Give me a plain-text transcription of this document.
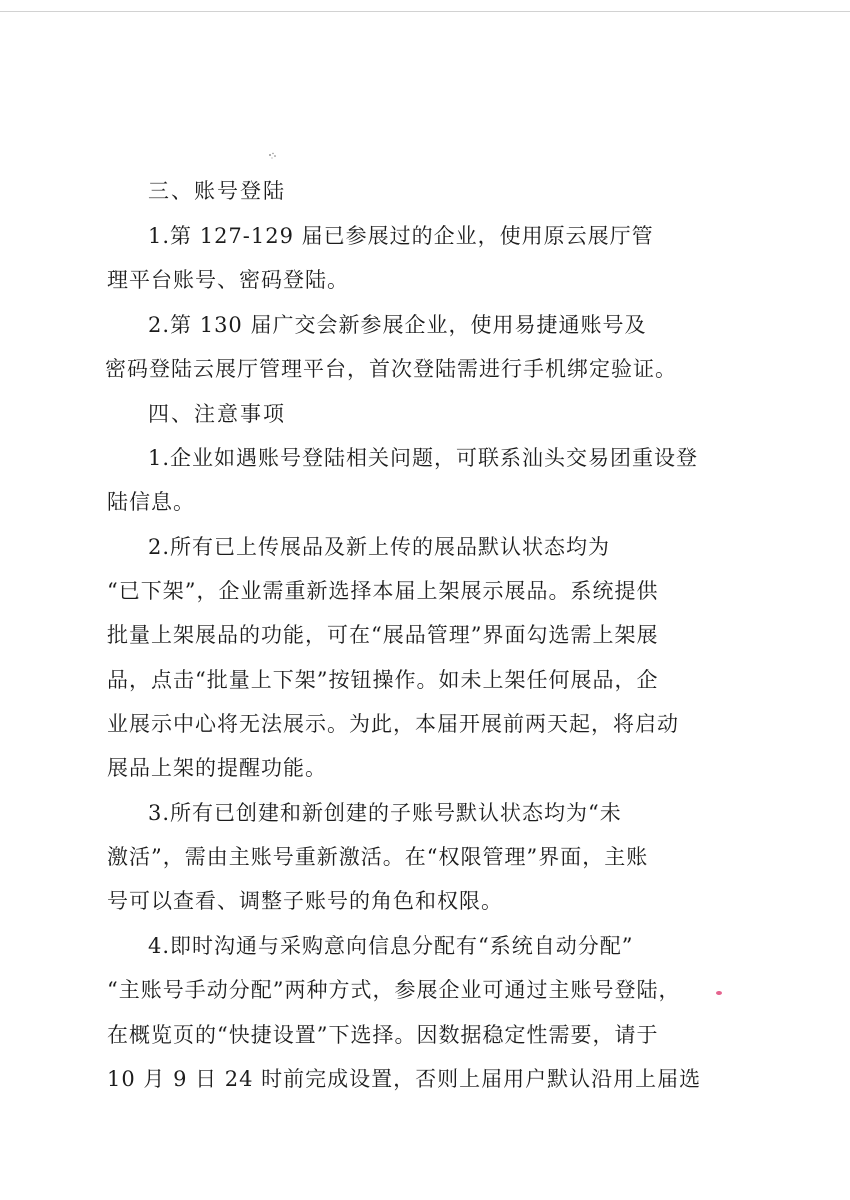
三、账号登陆

1.第 127-129 届已参展过的企业，使用原云展厅管

理平台账号、密码登陆。

2.第 130 届广交会新参展企业，使用易捷通账号及

密码登陆云展厅管理平台，首次登陆需进行手机绑定验证。

四、注意事项

1.企业如遇账号登陆相关问题，可联系汕头交易团重设登

陆信息。

2.所有已上传展品及新上传的展品默认状态均为

“已下架”，企业需重新选择本届上架展示展品。系统提供

批量上架展品的功能，可在“展品管理”界面勾选需上架展

品，点击“批量上下架”按钮操作。如未上架任何展品，企

业展示中心将无法展示。为此，本届开展前两天起，将启动

展品上架的提醒功能。

3.所有已创建和新创建的子账号默认状态均为“未

激活”，需由主账号重新激活。在“权限管理”界面，主账

号可以查看、调整子账号的角色和权限。

4.即时沟通与采购意向信息分配有“系统自动分配”

“主账号手动分配”两种方式，参展企业可通过主账号登陆，

在概览页的“快捷设置”下选择。因数据稳定性需要，请于

10 月 9 日 24 时前完成设置，否则上届用户默认沿用上届选
